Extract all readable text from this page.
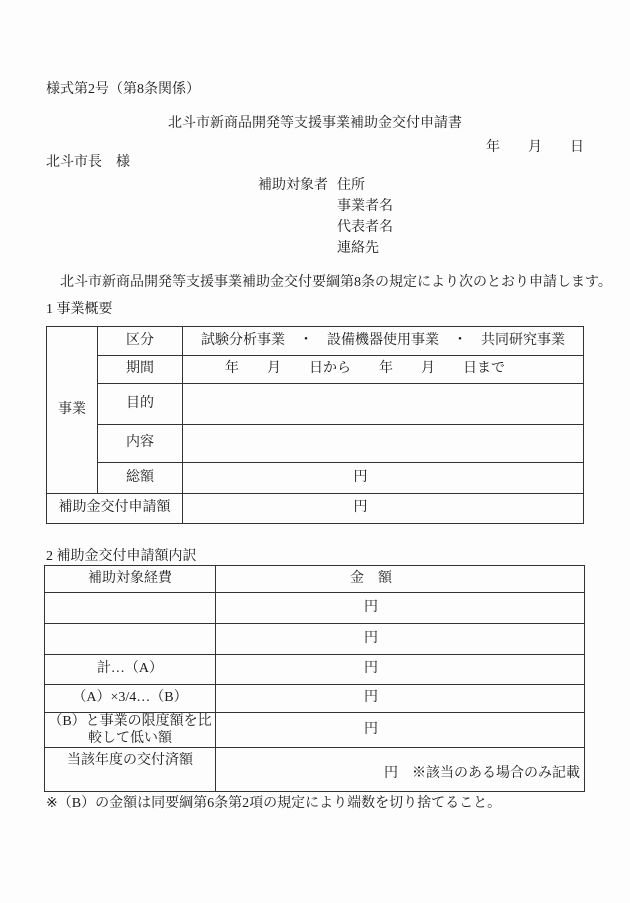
様式第2号（第8条関係）
北斗市新商品開発等支援事業補助金交付申請書
年　　月　　日
北斗市長　様
補助対象者 住所
事業者名
代表者名
連絡先

　北斗市新商品開発等支援事業補助金交付要綱第8条の規定により次のとおり申請します。

1 事業概要
事業	区分	試験分析事業　・　設備機器使用事業　・　共同研究事業
	期間	年　　月　　日から　　年　　月　　日まで
	目的	
	内容	
	総額	円
補助金交付申請額		円
2 補助金交付申請額内訳
補助対象経費	金　額
	円
	円
計…（A）	円
（A）×3/4…（B）	円
（B）と事業の限度額を比較して低い額	円
当該年度の交付済額	円　※該当のある場合のみ記載
※（B）の金額は同要綱第6条第2項の規定により端数を切り捨てること。
